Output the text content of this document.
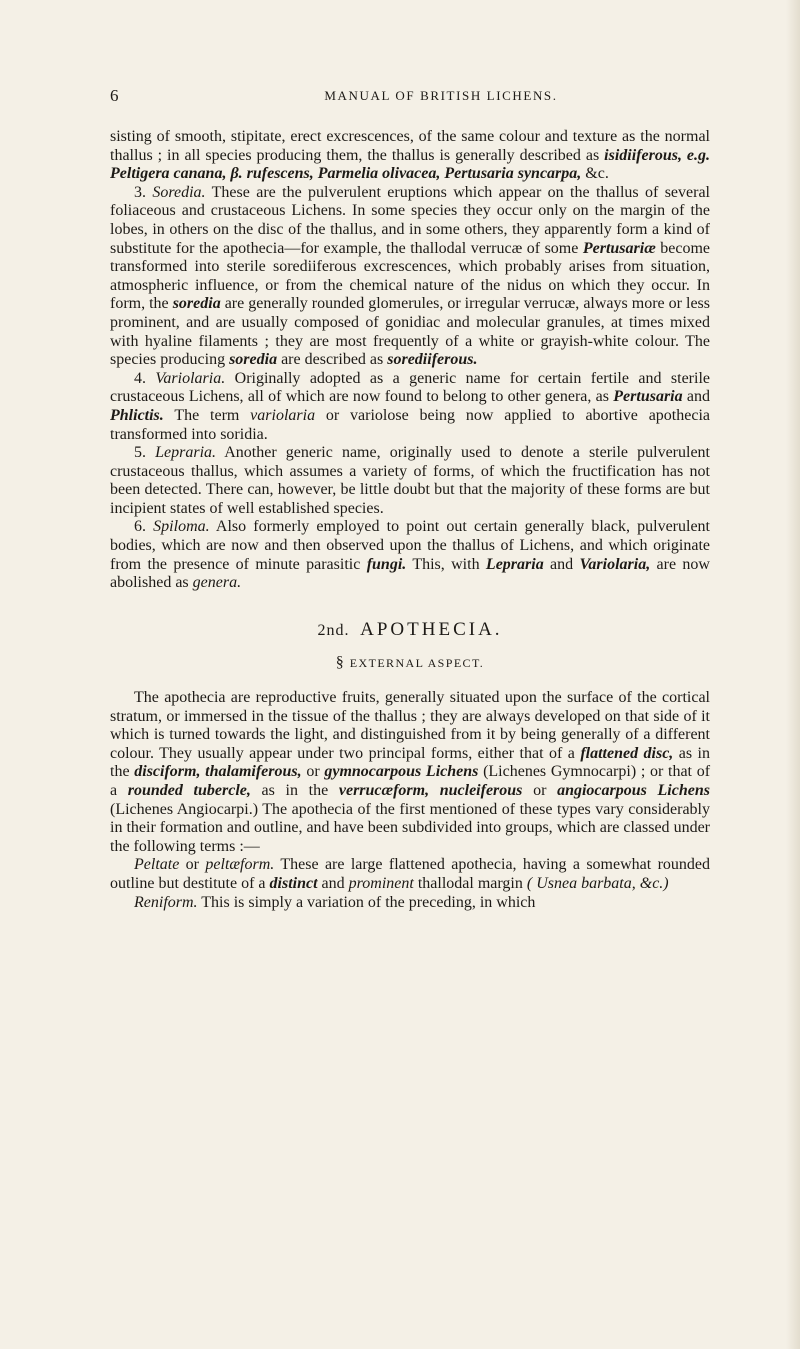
6	MANUAL OF BRITISH LICHENS.

sisting of smooth, stipitate, erect excrescences, of the same colour and texture as the normal thallus ; in all species producing them, the thallus is generally described as isidiiferous, e.g. Peltigera canana, β. rufescens, Parmelia olivacea, Pertusaria syncarpa, &c.

3. Soredia. These are the pulverulent eruptions which appear on the thallus of several foliaceous and crustaceous Lichens. In some species they occur only on the margin of the lobes, in others on the disc of the thallus, and in some others, they apparently form a kind of substitute for the apothecia—for example, the thallodal verrucæ of some Pertusariæ become transformed into sterile sorediiferous excrescences, which probably arises from situation, atmospheric influence, or from the chemical nature of the nidus on which they occur. In form, the soredia are generally rounded glomerules, or irregular verrucæ, always more or less prominent, and are usually composed of gonidiac and molecular granules, at times mixed with hyaline filaments ; they are most frequently of a white or grayish-white colour. The species producing soredia are described as sorediiferous.

4. Variolaria. Originally adopted as a generic name for certain fertile and sterile crustaceous Lichens, all of which are now found to belong to other genera, as Pertusaria and Phlictis. The term variolaria or variolose being now applied to abortive apothecia transformed into soridia.

5. Lepraria. Another generic name, originally used to denote a sterile pulverulent crustaceous thallus, which assumes a variety of forms, of which the fructification has not been detected. There can, however, be little doubt but that the majority of these forms are but incipient states of well established species.

6. Spiloma. Also formerly employed to point out certain generally black, pulverulent bodies, which are now and then observed upon the thallus of Lichens, and which originate from the presence of minute parasitic fungi. This, with Lepraria and Variolaria, are now abolished as genera.

2nd. APOTHECIA.
§ EXTERNAL ASPECT.

The apothecia are reproductive fruits, generally situated upon the surface of the cortical stratum, or immersed in the tissue of the thallus ; they are always developed on that side of it which is turned towards the light, and distinguished from it by being generally of a different colour. They usually appear under two principal forms, either that of a flattened disc, as in the disciform, thalamiferous, or gymnocarpous Lichens (Lichenes Gymnocarpi) ; or that of a rounded tubercle, as in the verrucæform, nucleiferous or angiocarpous Lichens (Lichenes Angiocarpi.) The apothecia of the first mentioned of these types vary considerably in their formation and outline, and have been subdivided into groups, which are classed under the following terms :—

Peltate or peltæform. These are large flattened apothecia, having a somewhat rounded outline but destitute of a distinct and prominent thallodal margin ( Usnea barbata, &c.)

Reniform. This is simply a variation of the preceding, in which
